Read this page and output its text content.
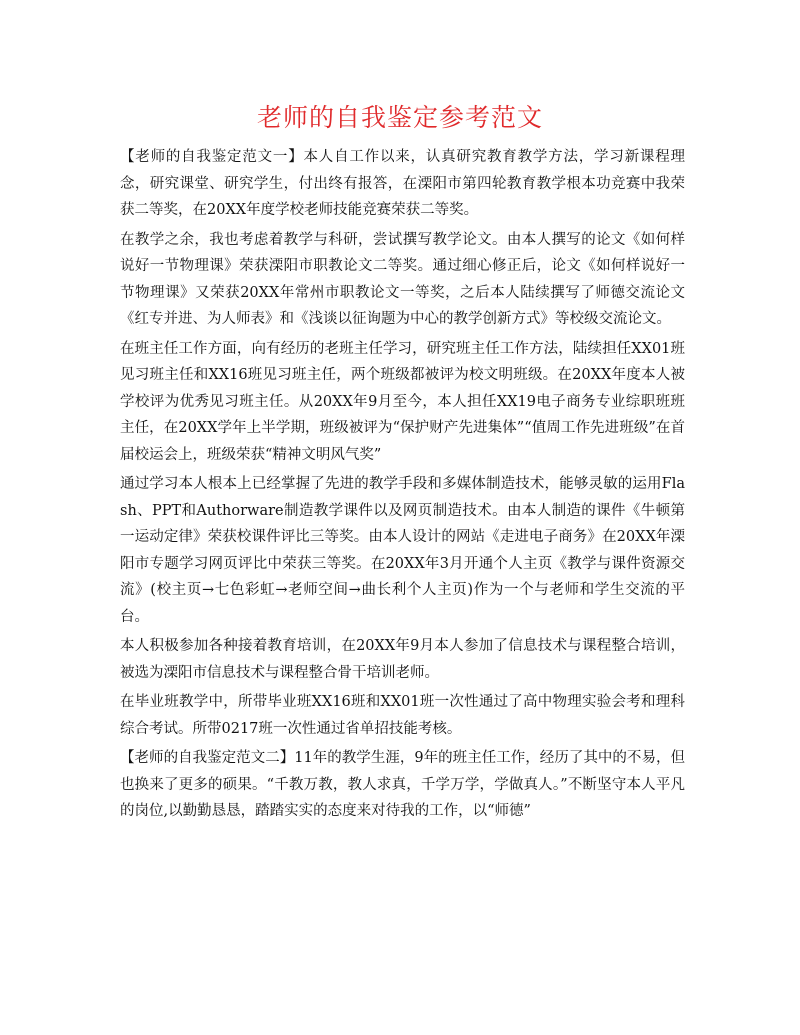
老师的自我鉴定参考范文

【老师的自我鉴定范文一】本人自工作以来，认真研究教育教学方法，学习新课程理念，研究课堂、研究学生，付出终有报答，在溧阳市第四轮教育教学根本功竞赛中我荣获二等奖，在20XX年度学校老师技能竞赛荣获二等奖。

在教学之余，我也考虑着教学与科研，尝试撰写教学论文。由本人撰写的论文《如何样说好一节物理课》荣获溧阳市职教论文二等奖。通过细心修正后，论文《如何样说好一节物理课》又荣获20XX年常州市职教论文一等奖，之后本人陆续撰写了师德交流论文《红专并进、为人师表》和《浅谈以征询题为中心的教学创新方式》等校级交流论文。

在班主任工作方面，向有经历的老班主任学习，研究班主任工作方法，陆续担任XX01班见习班主任和XX16班见习班主任，两个班级都被评为校文明班级。在20XX年度本人被学校评为优秀见习班主任。从20XX年9月至今，本人担任XX19电子商务专业综职班班主任，在20XX学年上半学期，班级被评为“保护财产先进集体”“值周工作先进班级”在首届校运会上，班级荣获“精神文明风气奖”

通过学习本人根本上已经掌握了先进的教学手段和多媒体制造技术，能够灵敏的运用Flash、PPT和Authorware制造教学课件以及网页制造技术。由本人制造的课件《牛顿第一运动定律》荣获校课件评比三等奖。由本人设计的网站《走进电子商务》在20XX年溧阳市专题学习网页评比中荣获三等奖。在20XX年3月开通个人主页《教学与课件资源交流》(校主页→七色彩虹→老师空间→曲长利个人主页)作为一个与老师和学生交流的平台。

本人积极参加各种接着教育培训，在20XX年9月本人参加了信息技术与课程整合培训，被选为溧阳市信息技术与课程整合骨干培训老师。

在毕业班教学中，所带毕业班XX16班和XX01班一次性通过了高中物理实验会考和理科综合考试。所带0217班一次性通过省单招技能考核。

【老师的自我鉴定范文二】11年的教学生涯，9年的班主任工作，经历了其中的不易，但也换来了更多的硕果。“千教万教，教人求真，千学万学，学做真人。”不断坚守本人平凡的岗位,以勤勤恳恳，踏踏实实的态度来对待我的工作，以“师德”
